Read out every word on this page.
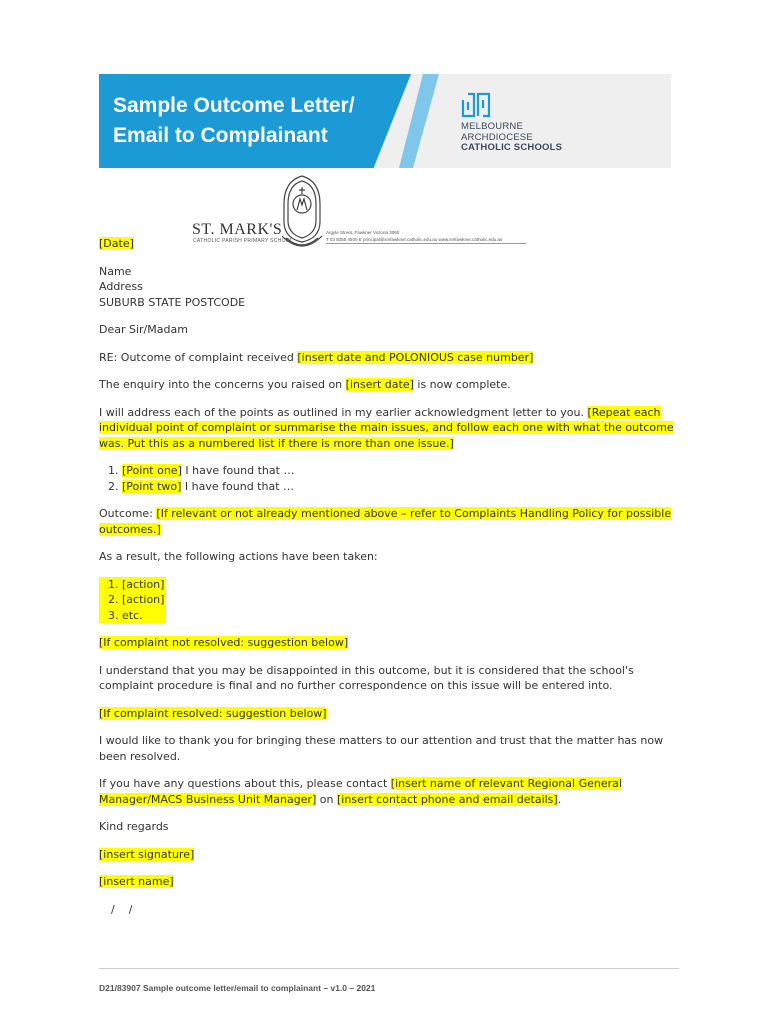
Sample Outcome Letter/
Email to Complainant	MELBOURNE
ARCHDIOCESE
CATHOLIC SCHOOLS
ST. MARK'S
CATHOLIC PARISH PRIMARY SCHOOL
Argyle Street, Fawkner Victoria 3060
T 03 9355 4500 E principal@smfawkner.catholic.edu.au www.smfawkner.catholic.edu.au

[Date]

Name
Address
SUBURB STATE POSTCODE

Dear Sir/Madam

RE: Outcome of complaint received [insert date and POLONIOUS case number]

The enquiry into the concerns you raised on [insert date] is now complete.

I will address each of the points as outlined in my earlier acknowledgment letter to you. [Repeat each individual point of complaint or summarise the main issues, and follow each one with what the outcome was. Put this as a numbered list if there is more than one issue.]

1. [Point one] I have found that …
2. [Point two] I have found that …

Outcome: [If relevant or not already mentioned above – refer to Complaints Handling Policy for possible outcomes.]

As a result, the following actions have been taken:

1. [action]
2. [action]
3. etc.

[If complaint not resolved: suggestion below]

I understand that you may be disappointed in this outcome, but it is considered that the school's complaint procedure is final and no further correspondence on this issue will be entered into.

[If complaint resolved: suggestion below]

I would like to thank you for bringing these matters to our attention and trust that the matter has now been resolved.

If you have any questions about this, please contact [insert name of relevant Regional General Manager/MACS Business Unit Manager] on [insert contact phone and email details].

Kind regards

[insert signature]

[insert name]

/    /

D21/83907 Sample outcome letter/email to complainant – v1.0 – 2021
